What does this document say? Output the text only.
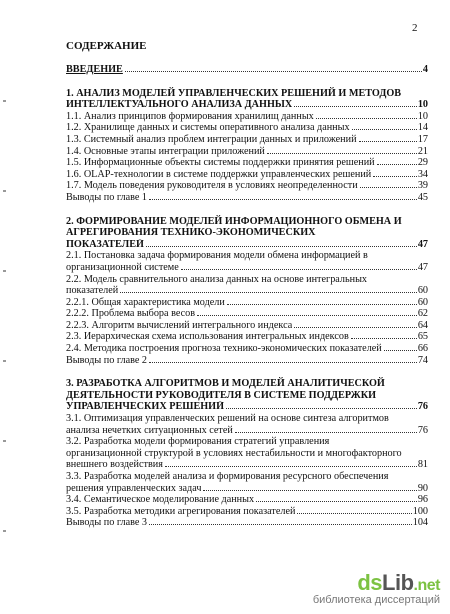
2
СОДЕРЖАНИЕ
ВВЕДЕНИЕ	4
1. АНАЛИЗ МОДЕЛЕЙ УПРАВЛЕНЧЕСКИХ РЕШЕНИЙ И МЕТОДОВ
ИНТЕЛЛЕКТУАЛЬНОГО АНАЛИЗА ДАННЫХ	10
1.1. Анализ принципов формирования хранилищ данных	10
1.2. Хранилище данных и системы оперативного анализа данных	14
1.3. Системный анализ проблем интеграции данных и приложений	17
1.4. Основные этапы интеграции приложений	21
1.5. Информационные объекты системы поддержки принятия решений	29
1.6. OLAP-технологии в системе поддержки управленческих решений	34
1.7. Модель поведения руководителя в условиях неопределенности	39
Выводы по главе 1	45
2. ФОРМИРОВАНИЕ МОДЕЛЕЙ ИНФОРМАЦИОННОГО ОБМЕНА И
АГРЕГИРОВАНИЯ ТЕХНИКО-ЭКОНОМИЧЕСКИХ
ПОКАЗАТЕЛЕЙ	47
2.1. Постановка задача формирования модели обмена информацией в
организационной системе	47
2.2. Модель сравнительного анализа данных на основе интегральных
показателей	60
2.2.1. Общая характеристика модели	60
2.2.2. Проблема выбора весов	62
2.2.3. Алгоритм вычислений интегрального индекса	64
2.3. Иерархическая схема использования интегральных индексов	65
2.4. Методика построения прогноза технико-экономических показателей	66
Выводы по главе 2	74
3. РАЗРАБОТКА АЛГОРИТМОВ И МОДЕЛЕЙ АНАЛИТИЧЕСКОЙ
ДЕЯТЕЛЬНОСТИ РУКОВОДИТЕЛЯ В СИСТЕМЕ ПОДДЕРЖКИ
УПРАВЛЕНЧЕСКИХ РЕШЕНИЙ	76
3.1. Оптимизация управленческих решений на основе синтеза алгоритмов
анализа нечетких ситуационных сетей	76
3.2. Разработка модели формирования стратегий управления
организационной структурой в условиях нестабильности и многофакторного
внешнего воздействия	81
3.3. Разработка моделей анализа и формирования ресурсного обеспечения
решения управленческих задач	90
3.4. Семантическое моделирование данных	96
3.5. Разработка методики агрегирования показателей	100
Выводы по главе 3	104
dsLib.net
библиотека диссертаций
